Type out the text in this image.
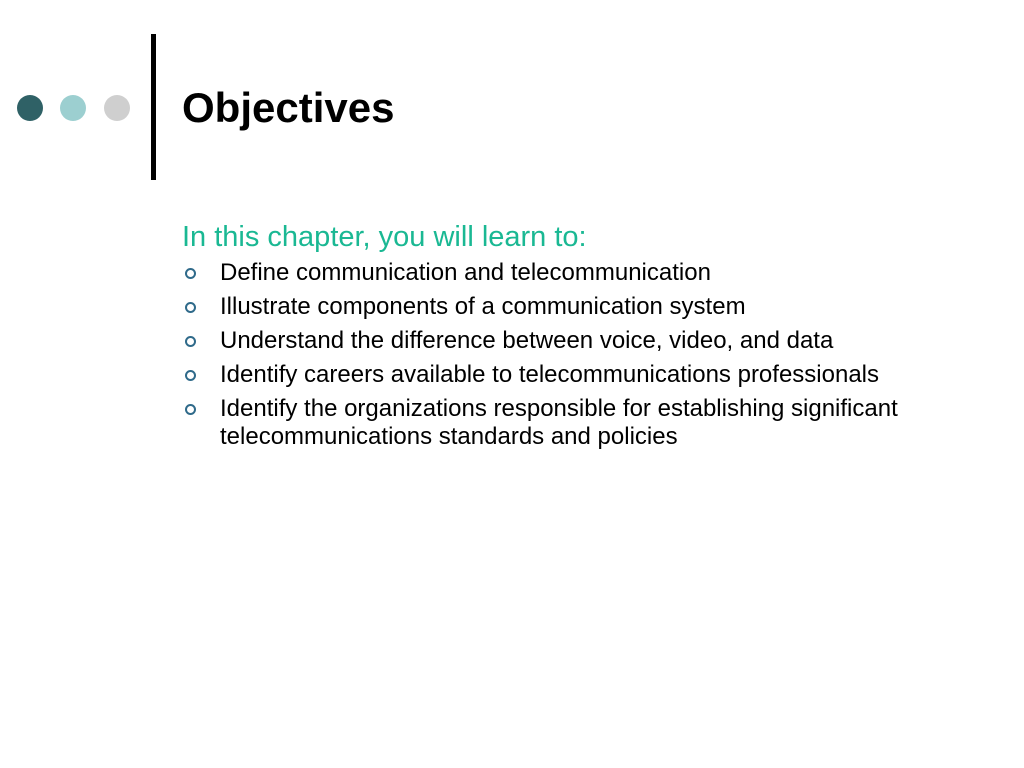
Objectives

In this chapter, you will learn to:

Define communication and telecommunication
Illustrate components of a communication system
Understand the difference between voice, video, and data
Identify careers available to telecommunications professionals
Identify the organizations responsible for establishing significant telecommunications standards and policies
